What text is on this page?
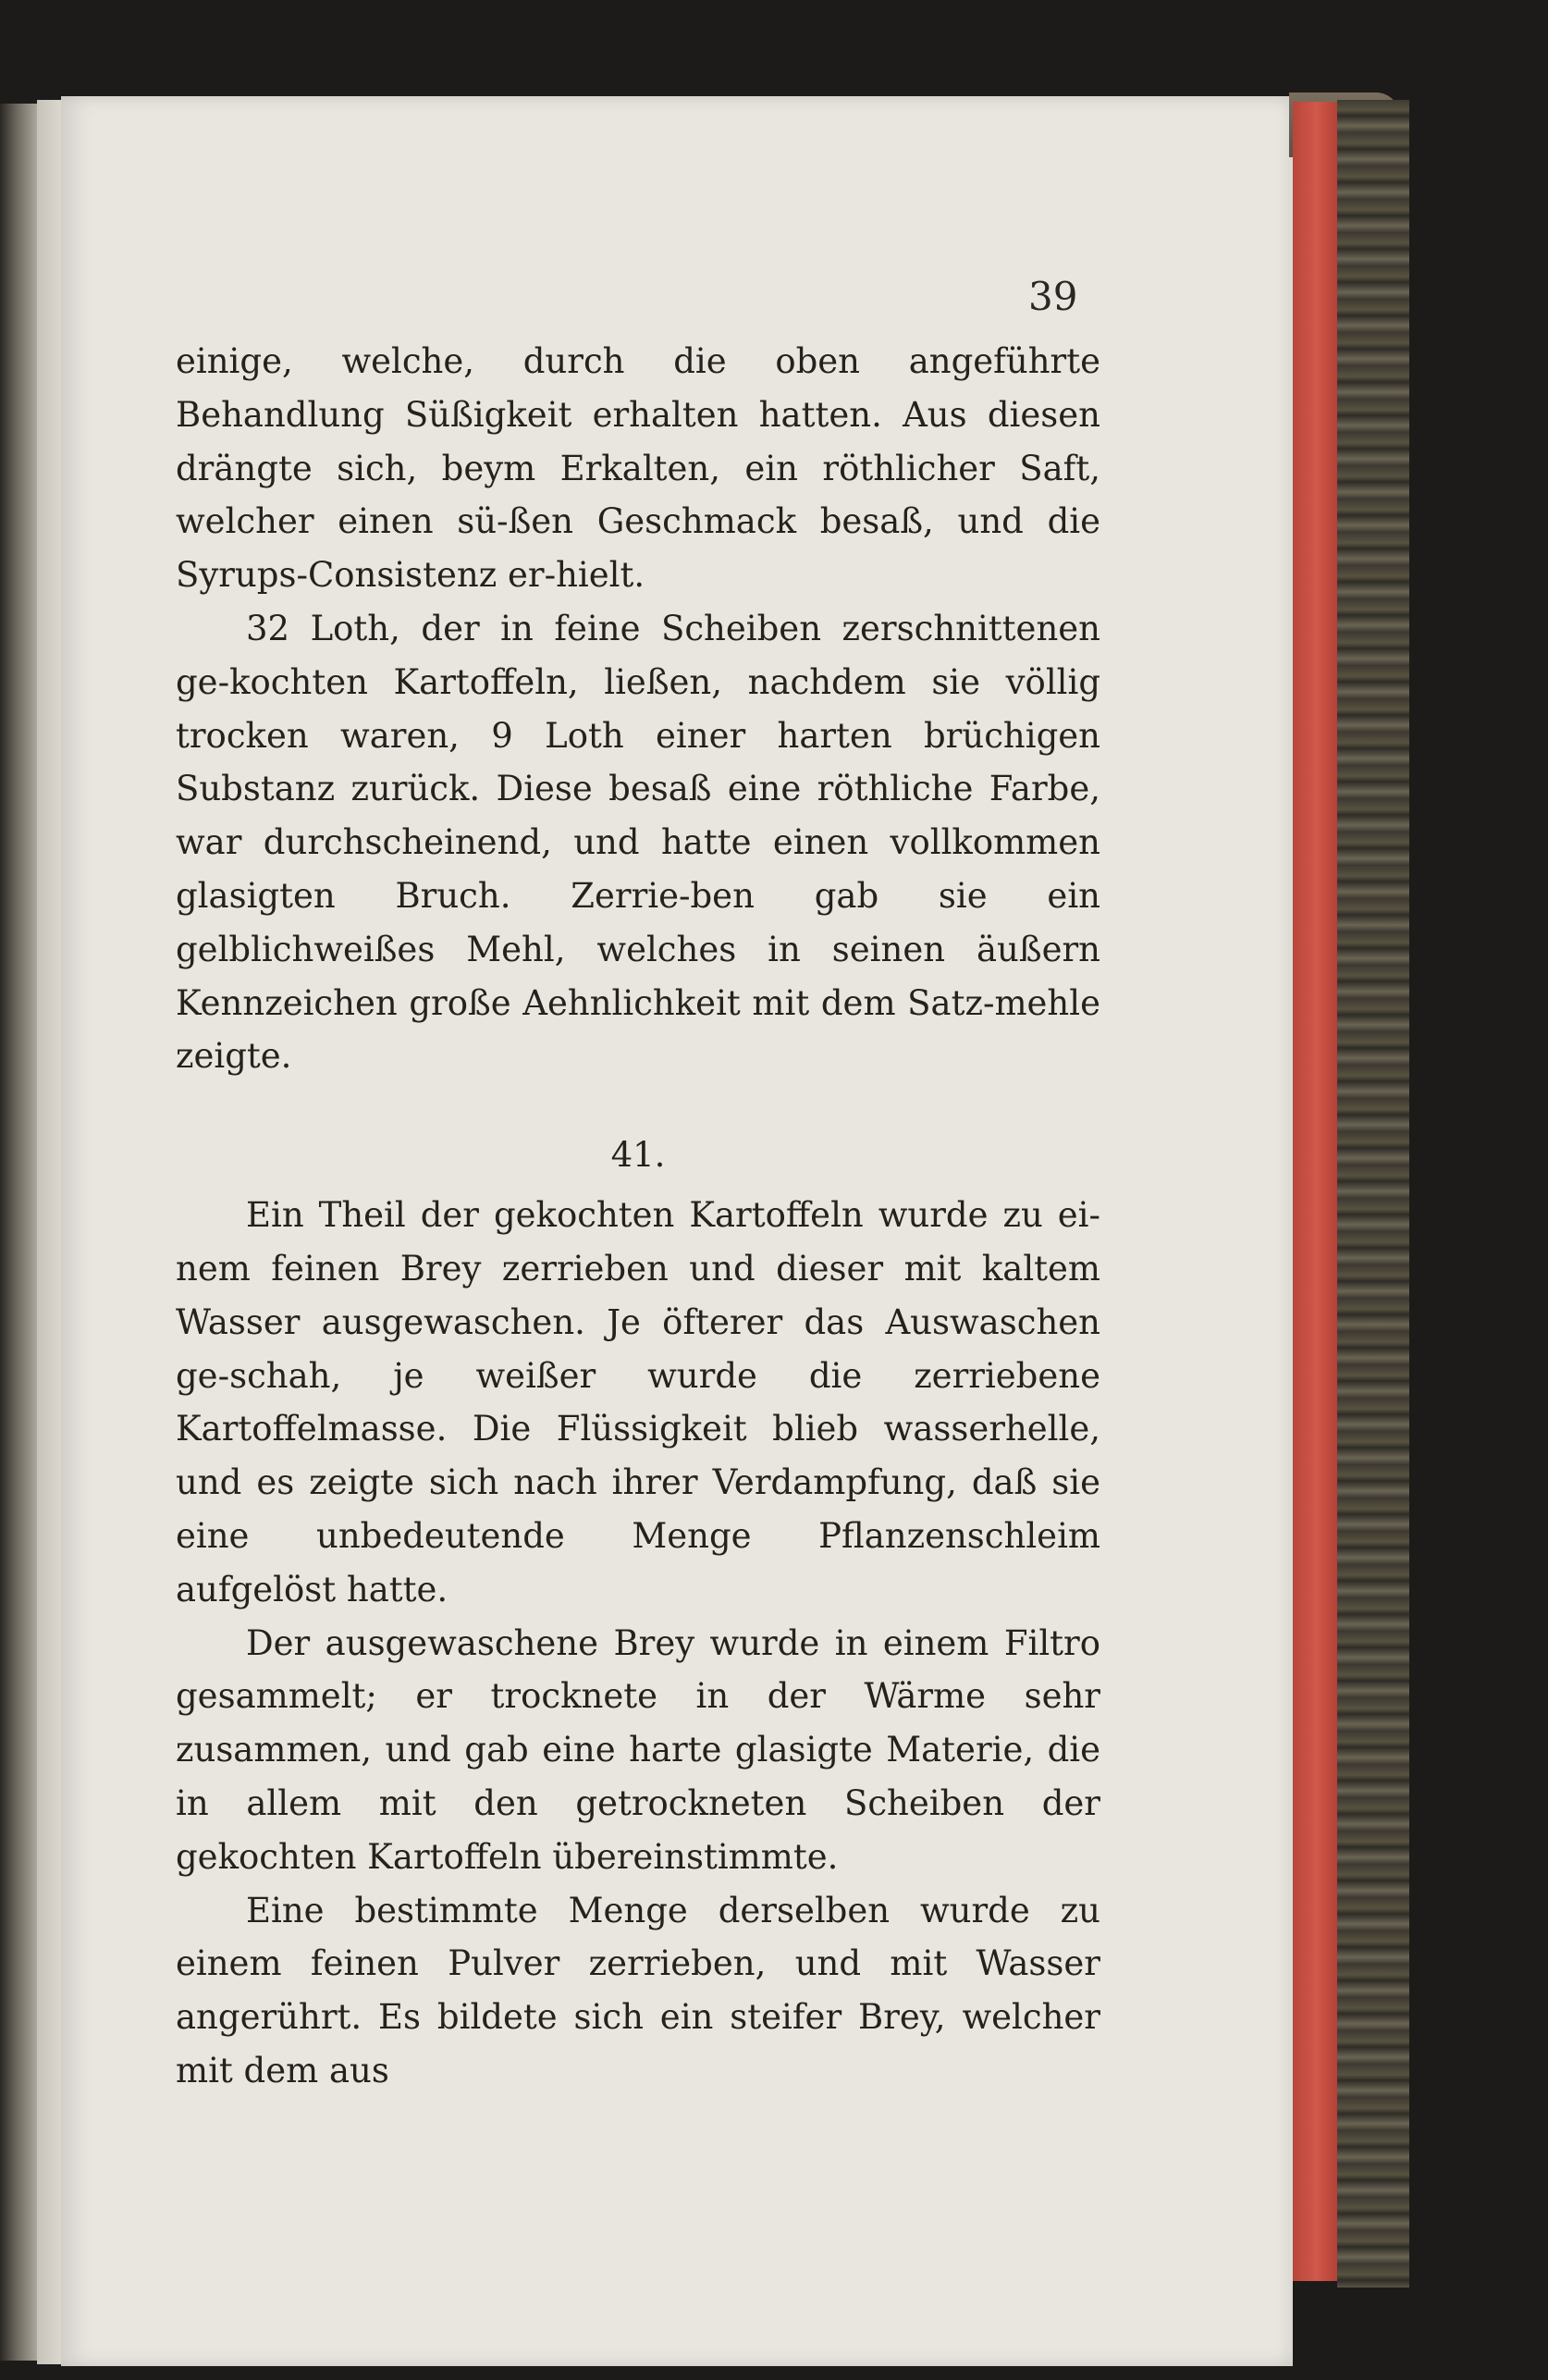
39

einige, welche, durch die oben angeführte Behandlung Süßigkeit erhalten hatten. Aus diesen drängte sich, beym Erkalten, ein röthlicher Saft, welcher einen sü-ßen Geschmack besaß, und die Syrups-Consistenz er-hielt.

32 Loth, der in feine Scheiben zerschnittenen ge-kochten Kartoffeln, ließen, nachdem sie völlig trocken waren, 9 Loth einer harten brüchigen Substanz zurück. Diese besaß eine röthliche Farbe, war durchscheinend, und hatte einen vollkommen glasigten Bruch. Zerrie-ben gab sie ein gelblichweißes Mehl, welches in seinen äußern Kennzeichen große Aehnlichkeit mit dem Satz-mehle zeigte.

41.

Ein Theil der gekochten Kartoffeln wurde zu ei-nem feinen Brey zerrieben und dieser mit kaltem Wasser ausgewaschen. Je öfterer das Auswaschen ge-schah, je weißer wurde die zerriebene Kartoffelmasse. Die Flüssigkeit blieb wasserhelle, und es zeigte sich nach ihrer Verdampfung, daß sie eine unbedeutende Menge Pflanzenschleim aufgelöst hatte.

Der ausgewaschene Brey wurde in einem Filtro gesammelt; er trocknete in der Wärme sehr zusammen, und gab eine harte glasigte Materie, die in allem mit den getrockneten Scheiben der gekochten Kartoffeln übereinstimmte.

Eine bestimmte Menge derselben wurde zu einem feinen Pulver zerrieben, und mit Wasser angerührt. Es bildete sich ein steifer Brey, welcher mit dem aus
